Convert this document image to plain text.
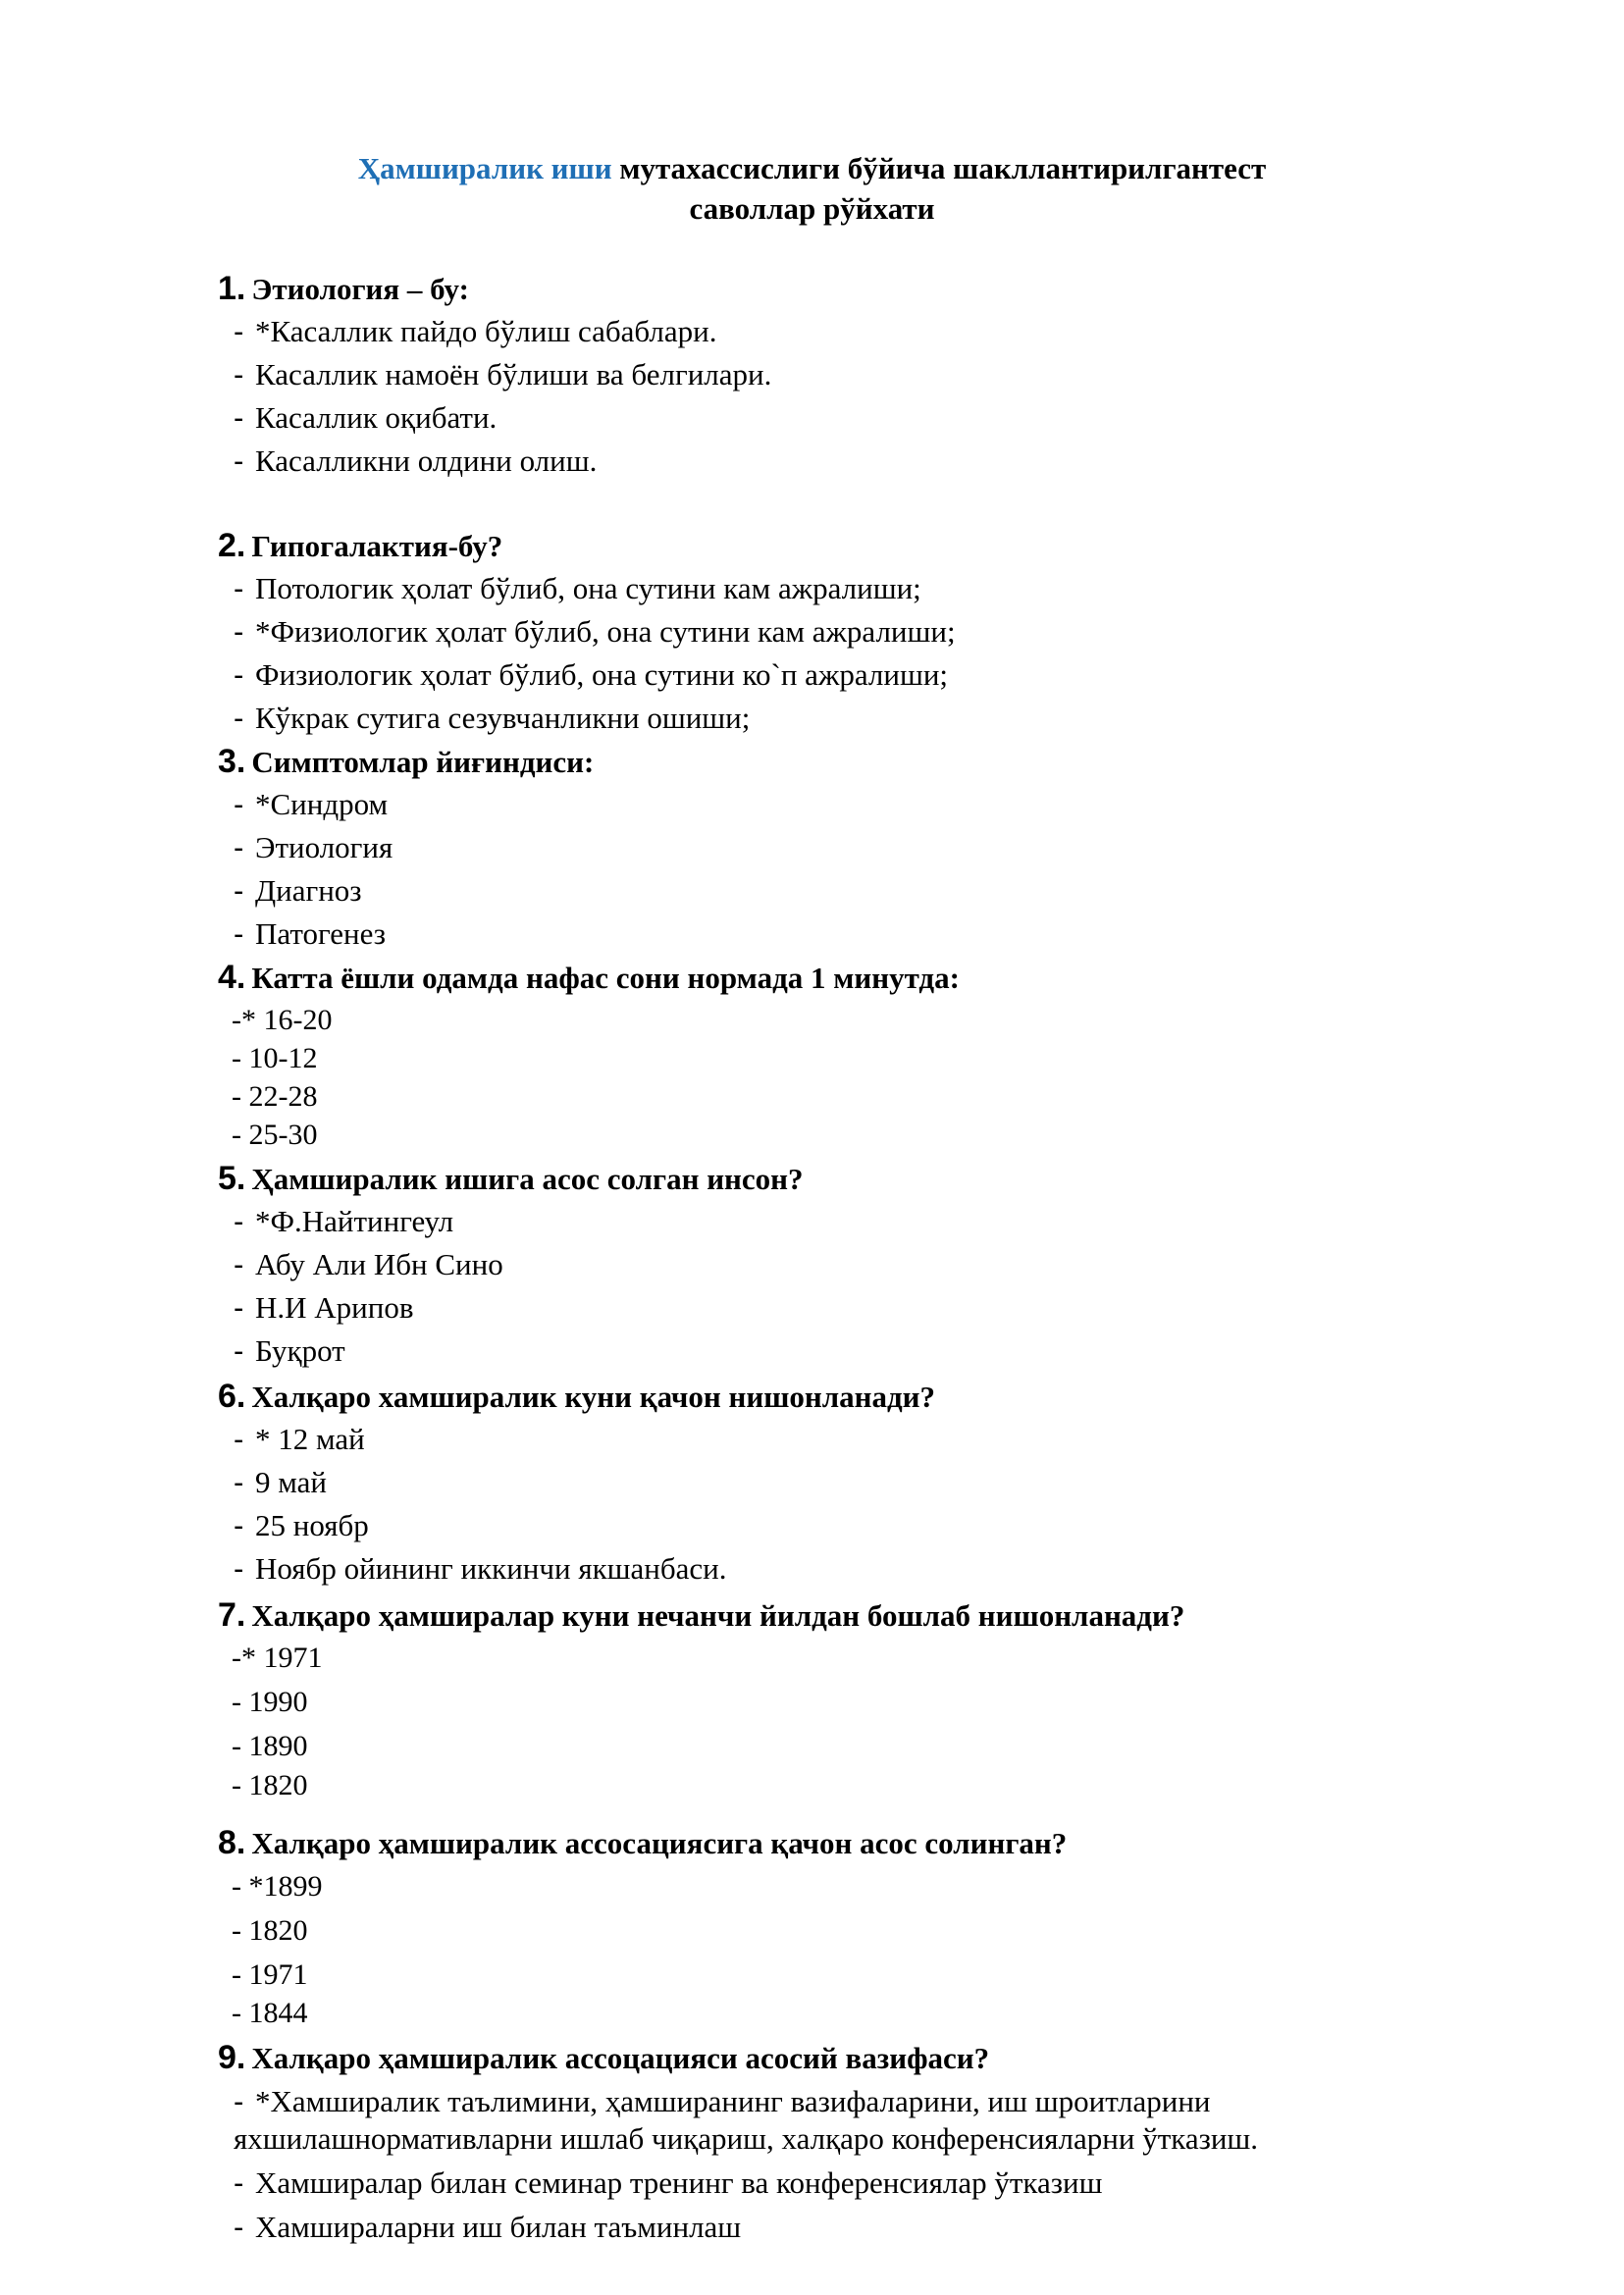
Ҳамширалик иши мутахассислиги бўйича шакллантирилгантест
саволлар рўйхати
1. Этиология – бу:
- *Касаллик пайдо бўлиш сабаблари.
- Касаллик намоён бўлиши ва белгилари.
- Касаллик оқибати.
- Касалликни олдини олиш.
2. Гипогалактия-бу?
- Потологик ҳолат бўлиб, она сутини кам ажралиши;
- *Физиологик ҳолат бўлиб, она сутини кам ажралиши;
- Физиологик ҳолат бўлиб, она сутини ко`п ажралиши;
- Кўкрак сутига сезувчанликни ошиши;
3. Симптомлар йиғиндиси:
- *Синдром
- Этиология
- Диагноз
- Патогенез
4. Катта ёшли одамда нафас сони нормада 1 минутда:
-* 16-20
- 10-12
- 22-28
- 25-30
5. Ҳамширалик ишига асос солган инсон?
- *Ф.Найтингеул
- Абу Али Ибн Сино
- Н.И Арипов
- Буқрот
6. Халқаро хамширалик куни қачон нишонланади?
- * 12 май
- 9 май
- 25 ноябр
- Ноябр ойининг иккинчи якшанбаси.
7. Халқаро ҳамширалар куни нечанчи йилдан бошлаб нишонланади?
-* 1971
- 1990
- 1890
- 1820
8. Халқаро ҳамширалик ассосациясига қачон асос солинган?
- *1899
- 1820
- 1971
- 1844
9. Халқаро ҳамширалик ассоцацияси асосий вазифаси?
- *Хамширалик таълимини, ҳамширанинг вазифаларини, иш шроитларини
яхшилашнормативларни ишлаб чиқариш, халқаро конференсияларни ўтказиш.
- Хамширалар билан семинар тренинг ва конференсиялар ўтказиш
- Хамшираларни иш билан таъминлаш
